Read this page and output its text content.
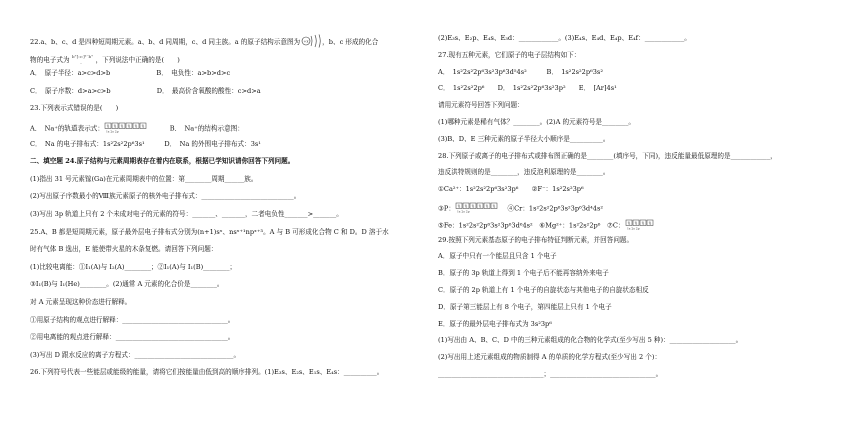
22.a、b、c、d 是四种短周期元素。a、b、d 同周期，c、d 同主族。a 的原子结构示意图为 +x ，b、c 形成的化合
物的电子式为 b⁺[:c:]²⁻b⁺
.. ，下列说法中正确的是(　　)
A．　原子半径：a>c>d>b　　　　　　　B．　电负性：a>b>d>c
C．　原子序数：d>a>c>b　　　　　　　D．　最高价含氧酸的酸性：c>d>a
23.下列表示式错误的是(　　)
A．　Na⁺的轨道表示式： ⇅ ⇅ ⇅ ⇅ ⇅ ⇅
1s 2s 2p	　　　B．　Na⁺的结构示意图：
C．　Na 的电子排布式：1s²2s²2p⁶3s¹　　　D．　Na 的外围电子排布式：3s¹
二、填空题 24.原子结构与元素周期表存在着内在联系，根据已学知识请你回答下列问题。
(1)指出 31 号元素镓(Ga)在元素周期表中的位置：第________周期______族。
(2)写出原子序数最小的Ⅷ族元素原子的核外电子排布式：____________________________。
(3)写出 3p 轨道上只有 2 个未成对电子的元素的符号：_______、_______，二者电负性_______>_______。
25.A、B 都是短周期元素，原子最外层电子排布式分别为(n+1)sˣ、nsˣ⁺¹npˣ⁺³。A 与 B 可形成化合物 C 和 D。D 溶于水
时有气体 B 逸出，E 能使带火星的木条复燃。请回答下列问题：
(1)比较电离能：①I₁(A)与 I₂(A)________；②I₁(A)与 I₁(B)________；
③I₁(B)与 I₁(He)________。(2)通常 A 元素的化合价是________。
对 A 元素呈现这种价态进行解释。
①用原子结构的观点进行解释：________________________________。
②用电离能的观点进行解释：__________________________________。
(3)写出 D 跟水反应的离子方程式：______________________________。
26.下列符号代表一些能层或能级的能量，请将它们按能量由低到高的顺序排列。(1)E₃s、E₂s、E₁s、E₄s：__________。
(2)E₃s、E₂p、E₄s、E₃d：____________。(3)E₄s、E₄d、E₄p、E₄f：____________。
27.现有五种元素，它们原子的电子层结构如下：
A．　1s²2s²2p⁶3s²3p⁶3d⁵4s²　　　B．　1s²2s²2p⁶3s²
C．　1s²2s²2p⁶　　D．　1s²2s²2p⁶3s²3p²　　E．　[Ar]4s¹
请用元素符号回答下列问题：
(1)哪种元素是稀有气体？________。(2)A 的元素符号是________。
(3)B、D、E 三种元素的原子半径大小顺序是__________。
28.下列原子或离子的电子排布式或排布图正确的是________(填序号，下同)，违反能量最低原理的是____________，
违反洪特规则的是________，违反泡利原理的是________。
①Ca²⁺：1s²2s²2p⁶3s²3p⁶　　②F⁻：1s²2s²3p⁶
③P： ⇅ ⇅ ⇅ ⇅ ⇅ ⇅
1s 2s 2p	　④Cr：1s²2s²2p⁶3s²3p⁶3d⁴4s²
⑤Fe：1s²2s²2p⁶3s²3p⁶3d⁶4s²　⑥Mg²⁺：1s²2s²2p⁶　⑦C： ⇅ ⇅ ⇅ ⇅
1s 2s 2p
29.按照下列元素基态原子的电子排布特征判断元素，并回答问题。
A．原子中只有一个能层且只含 1 个电子
B．原子的 3p 轨道上得到 1 个电子后不能再容纳外来电子
C．原子的 2p 轨道上有 1 个电子的自旋状态与其他电子的自旋状态相反
D．原子第三能层上有 8 个电子，第四能层上只有 1 个电子
E．原子的最外层电子排布式为 3s²3p⁶
(1)写出由 A、B、C、D 中的三种元素组成的化合物的化学式(至少写出 5 种)：____________________。
(2)写出用上述元素组成的物质制得 A 的单质的化学方程式(至少写出 2 个)：
________________________________；________________________________。
